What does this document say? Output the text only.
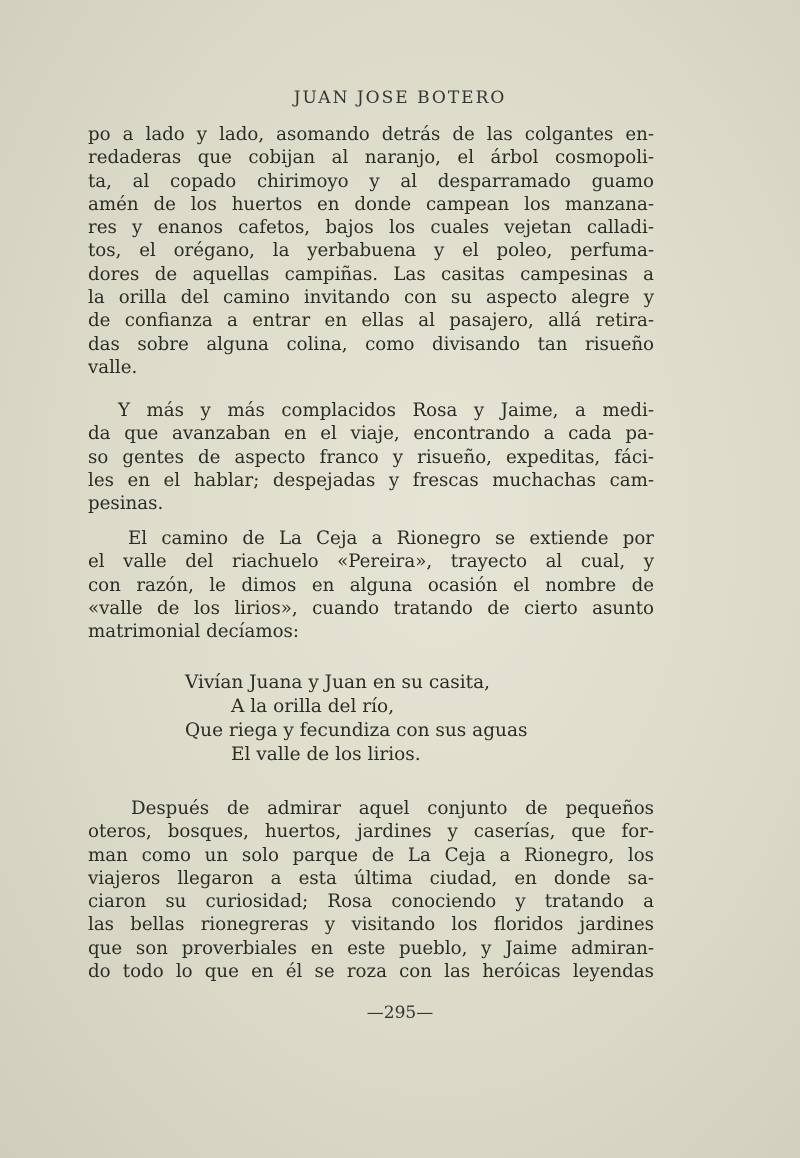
JUAN JOSE BOTERO
po a lado y lado, asomando detrás de las colgantes en-
redaderas que cobijan al naranjo, el árbol cosmopoli-
ta, al copado chirimoyo y al desparramado guamo
amén de los huertos en donde campean los manzana-
res y enanos cafetos, bajos los cuales vejetan calladi-
tos, el orégano, la yerbabuena y el poleo, perfuma-
dores de aquellas campiñas. Las casitas campesinas a
la orilla del camino invitando con su aspecto alegre y
de confianza a entrar en ellas al pasajero, allá retira-
das sobre alguna colina, como divisando tan risueño
valle.
Y más y más complacidos Rosa y Jaime, a medi-
da que avanzaban en el viaje, encontrando a cada pa-
so gentes de aspecto franco y risueño, expeditas, fáci-
les en el hablar; despejadas y frescas muchachas cam-
pesinas.
El camino de La Ceja a Rionegro se extiende por
el valle del riachuelo «Pereira», trayecto al cual, y
con razón, le dimos en alguna ocasión el nombre de
«valle de los lirios», cuando tratando de cierto asunto
matrimonial decíamos:
Vivían Juana y Juan en su casita,
A la orilla del río,
Que riega y fecundiza con sus aguas
El valle de los lirios.
Después de admirar aquel conjunto de pequeños
oteros, bosques, huertos, jardines y caserías, que for-
man como un solo parque de La Ceja a Rionegro, los
viajeros llegaron a esta última ciudad, en donde sa-
ciaron su curiosidad; Rosa conociendo y tratando a
las bellas rionegreras y visitando los floridos jardines
que son proverbiales en este pueblo, y Jaime admiran-
do todo lo que en él se roza con las heróicas leyendas
—295—
